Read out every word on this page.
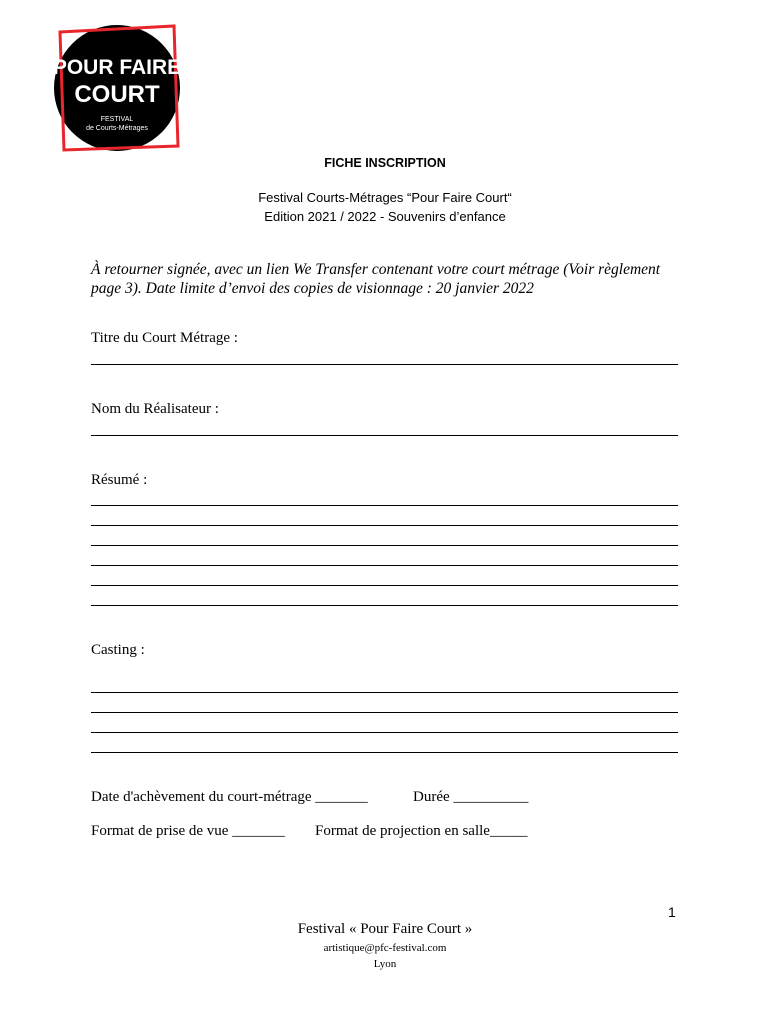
POUR FAIRE
COURT
FESTIVAL
de Courts-Métrages
FICHE INSCRIPTION
Festival Courts-Métrages “Pour Faire Court“
Edition 2021 / 2022 - Souvenirs d’enfance
À retourner signée, avec un lien We Transfer contenant votre court métrage (Voir règlement page 3). Date limite d’envoi des copies de visionnage : 20 janvier 2022
Titre du Court Métrage :
Nom du Réalisateur :
Résumé :
Casting :
Date d'achèvement du court-métrage _______	Durée __________
Format de prise de vue _______ Format de projection en salle_____
1
Festival « Pour Faire Court »
artistique@pfc-festival.com
Lyon
